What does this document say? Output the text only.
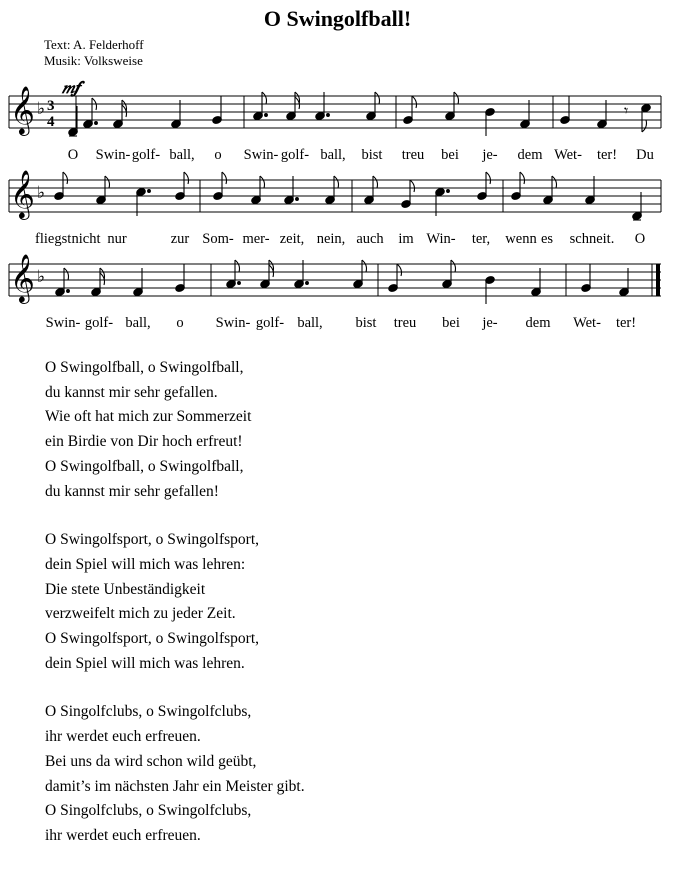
O Swingolfball!
Text: A. Felderhoff
Musik: Volksweise
𝄞 ♭ 3
4
𝆐𝆑
𝄾
𝄞 ♭
𝄞 ♭
O Swin- golf- ball, o Swin- golf- ball, bist treu bei je- dem Wet- ter! Du
fliegst nicht nur	zur Som- mer- zeit, nein, auch im Win- ter, wenn es schneit. O
Swin- golf- ball, o Swin- golf- ball, bist treu bei je- dem Wet- ter!
O Swingolfball, o Swingolfball,
du kannst mir sehr gefallen.
Wie oft hat mich zur Sommerzeit
ein Birdie von Dir hoch erfreut!
O Swingolfball, o Swingolfball,
du kannst mir sehr gefallen!
O Swingolfsport, o Swingolfsport,
dein Spiel will mich was lehren:
Die stete Unbeständigkeit
verzweifelt mich zu jeder Zeit.
O Swingolfsport, o Swingolfsport,
dein Spiel will mich was lehren.
O Singolfclubs, o Swingolfclubs,
ihr werdet euch erfreuen.
Bei uns da wird schon wild geübt,
damit’s im nächsten Jahr ein Meister gibt.
O Singolfclubs, o Swingolfclubs,
ihr werdet euch erfreuen.
